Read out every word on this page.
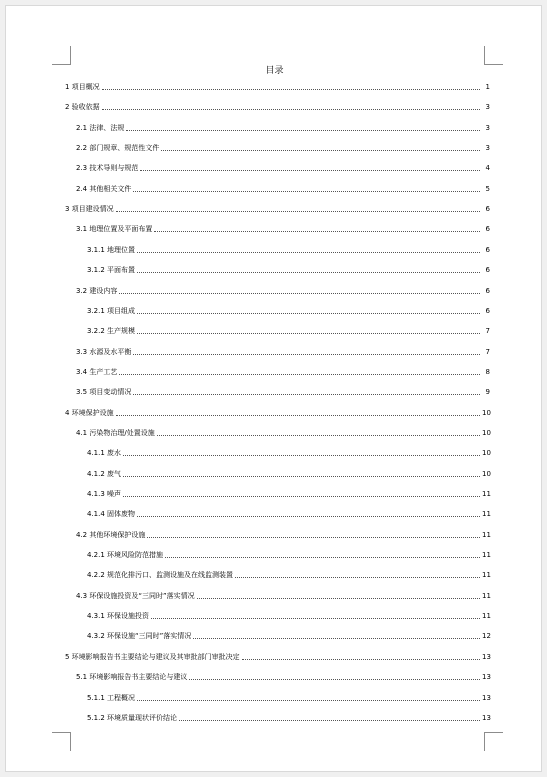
目录
1 项目概况	1
2 验收依据	3
2.1 法律、法规	3
2.2 部门规章、规范性文件	3
2.3 技术导则与规范	4
2.4 其他相关文件	5
3 项目建设情况	6
3.1 地理位置及平面布置	6
3.1.1 地理位置	6
3.1.2 平面布置	6
3.2 建设内容	6
3.2.1 项目组成	6
3.2.2 生产规模	7
3.3 水源及水平衡	7
3.4 生产工艺	8
3.5 项目变动情况	9
4 环境保护设施	10
4.1 污染物治理/处置设施	10
4.1.1 废水	10
4.1.2 废气	10
4.1.3 噪声	11
4.1.4 固体废物	11
4.2 其他环境保护设施	11
4.2.1 环境风险防范措施	11
4.2.2 规范化排污口、监测设施及在线监测装置	11
4.3 环保设施投资及“三同时”落实情况	11
4.3.1 环保设施投资	11
4.3.2 环保设施“三同时”落实情况	12
5 环境影响报告书主要结论与建议及其审批部门审批决定	13
5.1 环境影响报告书主要结论与建议	13
5.1.1 工程概况	13
5.1.2 环境质量现状评价结论	13
